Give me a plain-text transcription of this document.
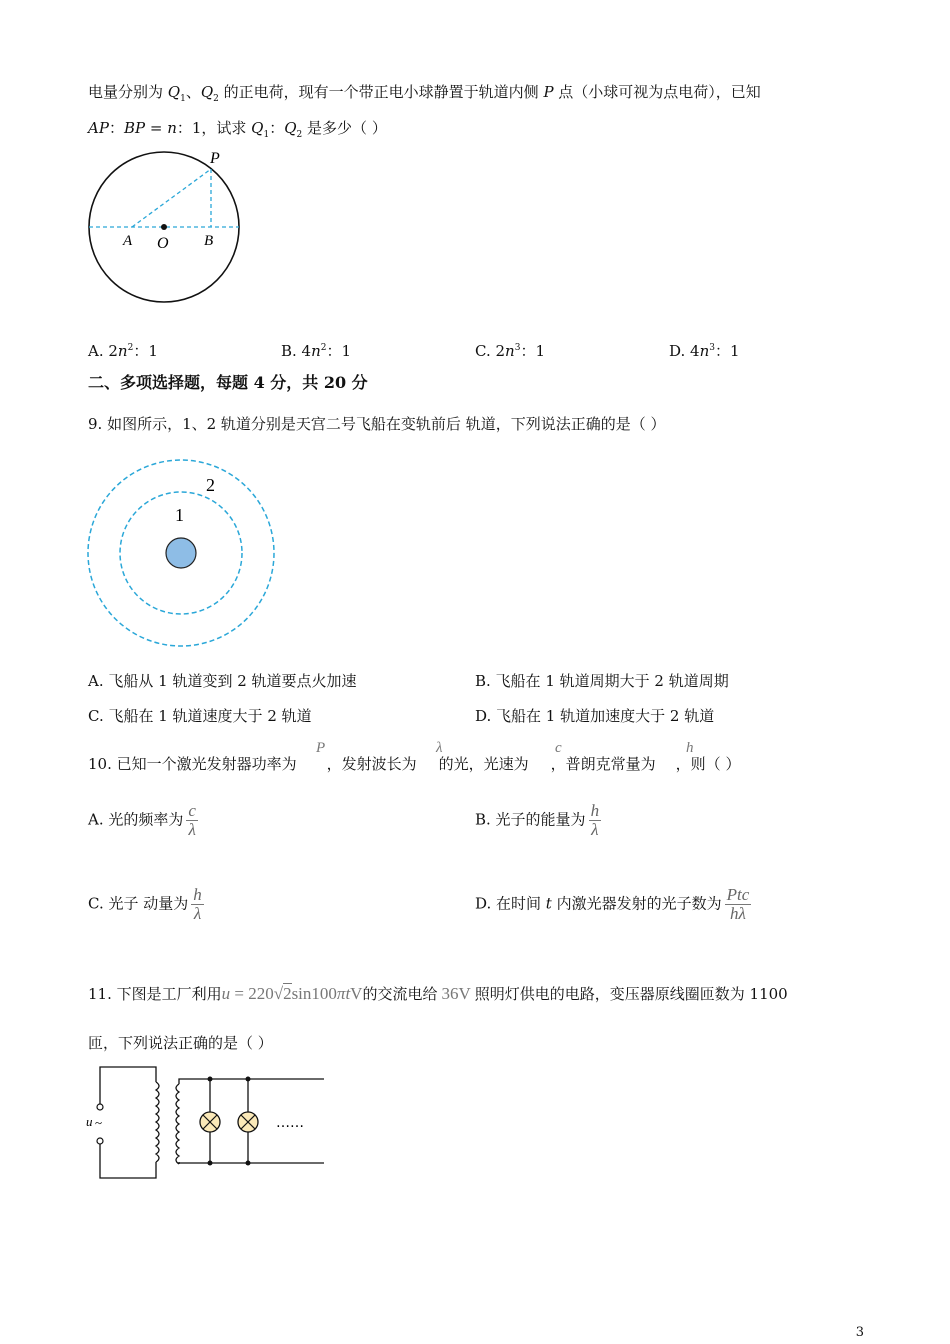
电量分别为 $Q_1$、$Q_2$ 的正电荷，现有一个带正电小球静置于轨道内侧 P 点（小球可视为点电荷），已知
AP：BP = n：1，试求 $Q_1$：$Q_2$ 是多少（ ）
P
A O B
A. $2n^2$：1	B. $4n^2$：1	C. $2n^3$：1	D. $4n^3$：1
二、多项选择题，每题 4 分，共 20 分
9. 如图所示，1、2 轨道分别是天宫二号飞船在变轨前后 轨道，下列说法正确的是（ ）
2
1
A. 飞船从 1 轨道变到 2 轨道要点火加速	B. 飞船在 1 轨道周期大于 2 轨道周期
C. 飞船在 1 轨道速度大于 2 轨道	D. 飞船在 1 轨道加速度大于 2 轨道
10. 已知一个激光发射器功率为 ，发射波长为 的光，光速为 ，普朗克常量为 ，则（ ）
P	λ	c	h
A. 光的频率为 $\frac{c}{\lambda}$	B. 光子的能量为 $\frac{h}{\lambda}$
C. 光子 动量为 $\frac{h}{\lambda}$	D. 在时间 t 内激光器发射的光子数为 $\frac{\text{Ptc}}{h\lambda}$
11. 下图是工厂利用u = 220√2sin100πtV的交流电给 36V 照明灯供电的电路，变压器原线圈匝数为 1100
匝，下列说法正确的是（ ）
u ~	……
3
